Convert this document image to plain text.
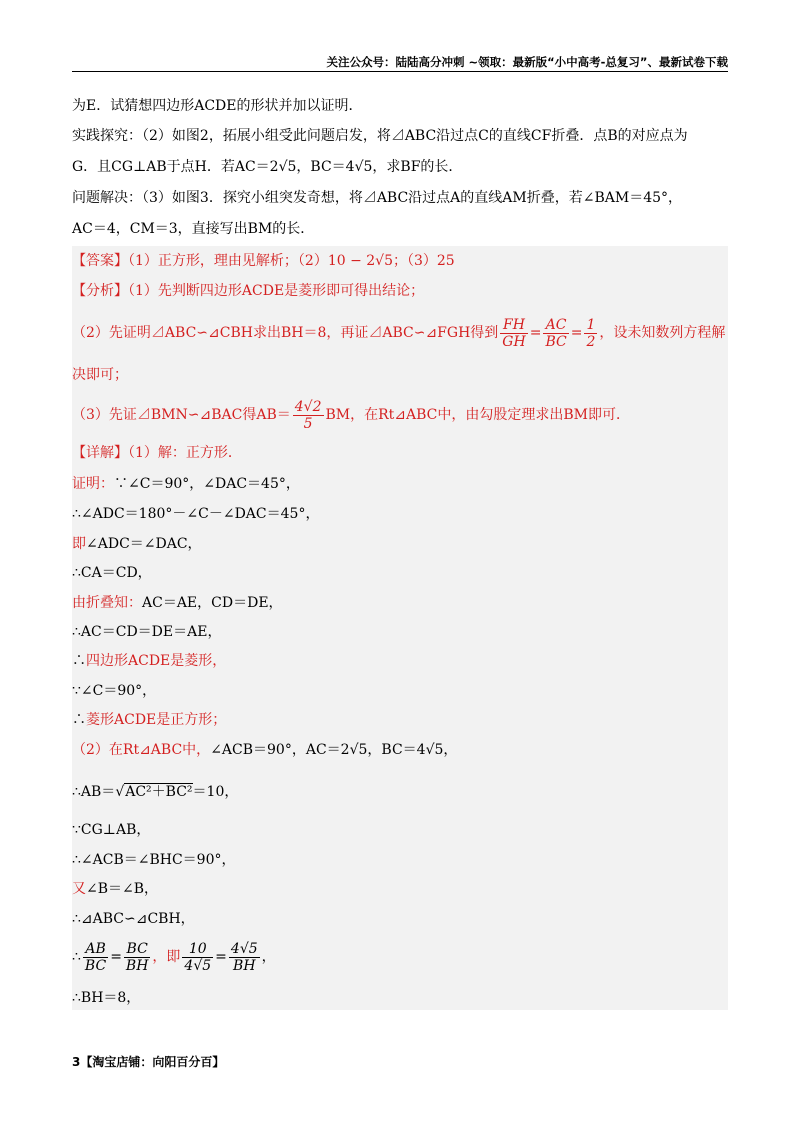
关注公众号：陆陆高分冲刺 ~领取：最新版“小中高考-总复习”、最新试卷下载
为E．试猜想四边形ACDE的形状并加以证明．
实践探究：（2）如图2，拓展小组受此问题启发，将⊿ABC沿过点C的直线CF折叠．点B的对应点为
G．且CG⊥AB于点H．若AC＝2√5，BC＝4√5，求BF的长．
问题解决：（3）如图3．探究小组突发奇想，将⊿ABC沿过点A的直线AM折叠，若∠BAM＝45°，
AC＝4，CM＝3，直接写出BM的长．
【答案】（1）正方形，理由见解析；（2）10 − 2√5；（3）25
【分析】（1）先判断四边形ACDE是菱形即可得出结论；
（2）先证明⊿ABC∽⊿CBH求出BH＝8，再证⊿ABC∽⊿FGH得到 $\frac{FH}{GH} = \frac{AC}{BC} = \frac{1}{2}$ ，设未知数列方程解
决即可；
（3）先证⊿BMN∽⊿BAC得$AB= \frac{4√2}{5}$ BM，在Rt⊿ABC中，由勾股定理求出BM即可．
【详解】（1）解：正方形．
证明：∵∠C＝90°，∠DAC＝45°，
∴∠ADC＝180°－∠C－∠DAC＝45°，
即∠ADC＝∠DAC，
∴CA＝CD，
由折叠知：AC＝AE，CD＝DE，
∴AC＝CD＝DE＝AE，
∴四边形ACDE是菱形，
∵∠C＝90°，
∴菱形ACDE是正方形；
（2）在Rt⊿ABC中，∠ACB＝90°，AC＝2√5，BC＝4√5，
∴AB＝√AC²＋BC²＝10，
∵CG⊥AB，
∴∠ACB＝∠BHC＝90°，
又∠B＝∠B，
∴⊿ABC∽⊿CBH，
∴ $\frac{AB}{BC} = \frac{BC}{BH}$ ，即 $\frac{10}{4√5} = \frac{4√5}{BH}$ ，
∴BH＝8，
3【淘宝店铺：向阳百分百】
